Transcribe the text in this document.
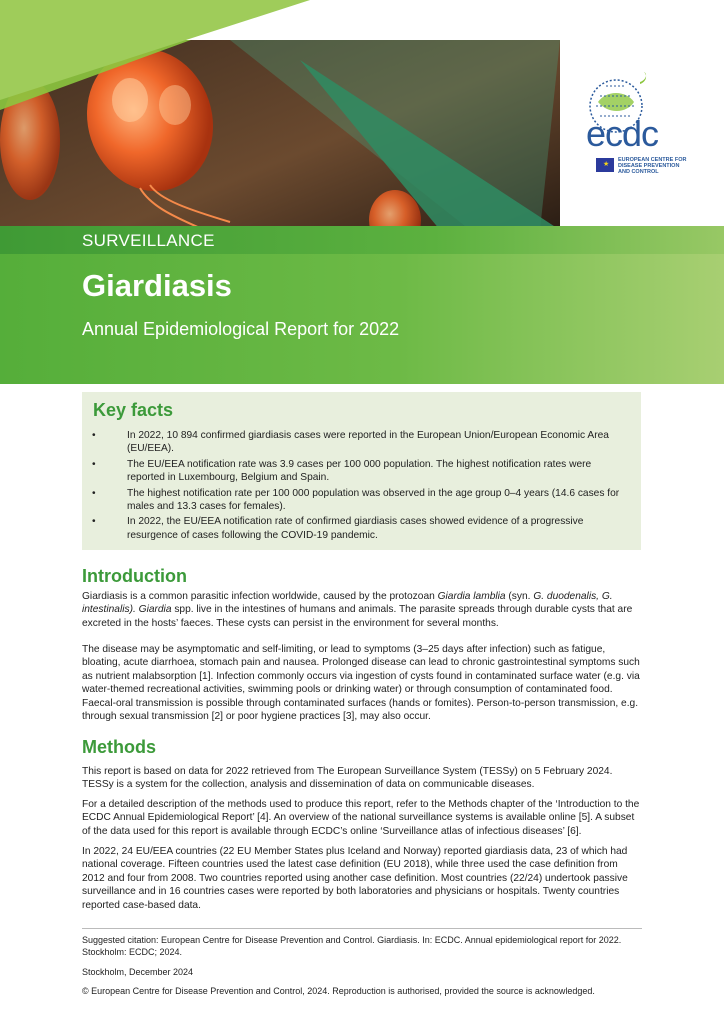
ecdc
★
EUROPEAN CENTRE FOR DISEASE PREVENTION AND CONTROL
SURVEILLANCE
Giardiasis
Annual Epidemiological Report for 2022
Key facts
•	In 2022, 10 894 confirmed giardiasis cases were reported in the European Union/European Economic Area (EU/EEA).
•	The EU/EEA notification rate was 3.9 cases per 100 000 population. The highest notification rates were reported in Luxembourg, Belgium and Spain.
•	The highest notification rate per 100 000 population was observed in the age group 0–4 years (14.6 cases for males and 13.3 cases for females).
•	In 2022, the EU/EEA notification rate of confirmed giardiasis cases showed evidence of a progressive resurgence of cases following the COVID-19 pandemic.
Introduction

Giardiasis is a common parasitic infection worldwide, caused by the protozoan Giardia lamblia (syn. G. duodenalis, G. intestinalis). Giardia spp. live in the intestines of humans and animals. The parasite spreads through durable cysts that are excreted in the hosts’ faeces. These cysts can persist in the environment for several months.

The disease may be asymptomatic and self-limiting, or lead to symptoms (3–25 days after infection) such as fatigue, bloating, acute diarrhoea, stomach pain and nausea. Prolonged disease can lead to chronic gastrointestinal symptoms such as nutrient malabsorption [1]. Infection commonly occurs via ingestion of cysts found in contaminated surface water (e.g. via water-themed recreational activities, swimming pools or drinking water) or through consumption of contaminated food. Faecal-oral transmission is possible through contaminated surfaces (hands or fomites). Person-to-person transmission, e.g. through sexual transmission [2] or poor hygiene practices [3], may also occur.

Methods

This report is based on data for 2022 retrieved from The European Surveillance System (TESSy) on 5 February 2024. TESSy is a system for the collection, analysis and dissemination of data on communicable diseases.

For a detailed description of the methods used to produce this report, refer to the Methods chapter of the ‘Introduction to the ECDC Annual Epidemiological Report’ [4]. An overview of the national surveillance systems is available online [5]. A subset of the data used for this report is available through ECDC’s online ‘Surveillance atlas of infectious diseases’ [6].

In 2022, 24 EU/EEA countries (22 EU Member States plus Iceland and Norway) reported giardiasis data, 23 of which had national coverage. Fifteen countries used the latest case definition (EU 2018), while three used the case definition from 2012 and four from 2008. Two countries reported using another case definition. Most countries (22/24) undertook passive surveillance and in 16 countries cases were reported by both laboratories and physicians or hospitals. Twenty countries reported case-based data.

Suggested citation: European Centre for Disease Prevention and Control. Giardiasis. In: ECDC. Annual epidemiological report for 2022. Stockholm: ECDC; 2024.

Stockholm, December 2024

© European Centre for Disease Prevention and Control, 2024. Reproduction is authorised, provided the source is acknowledged.
